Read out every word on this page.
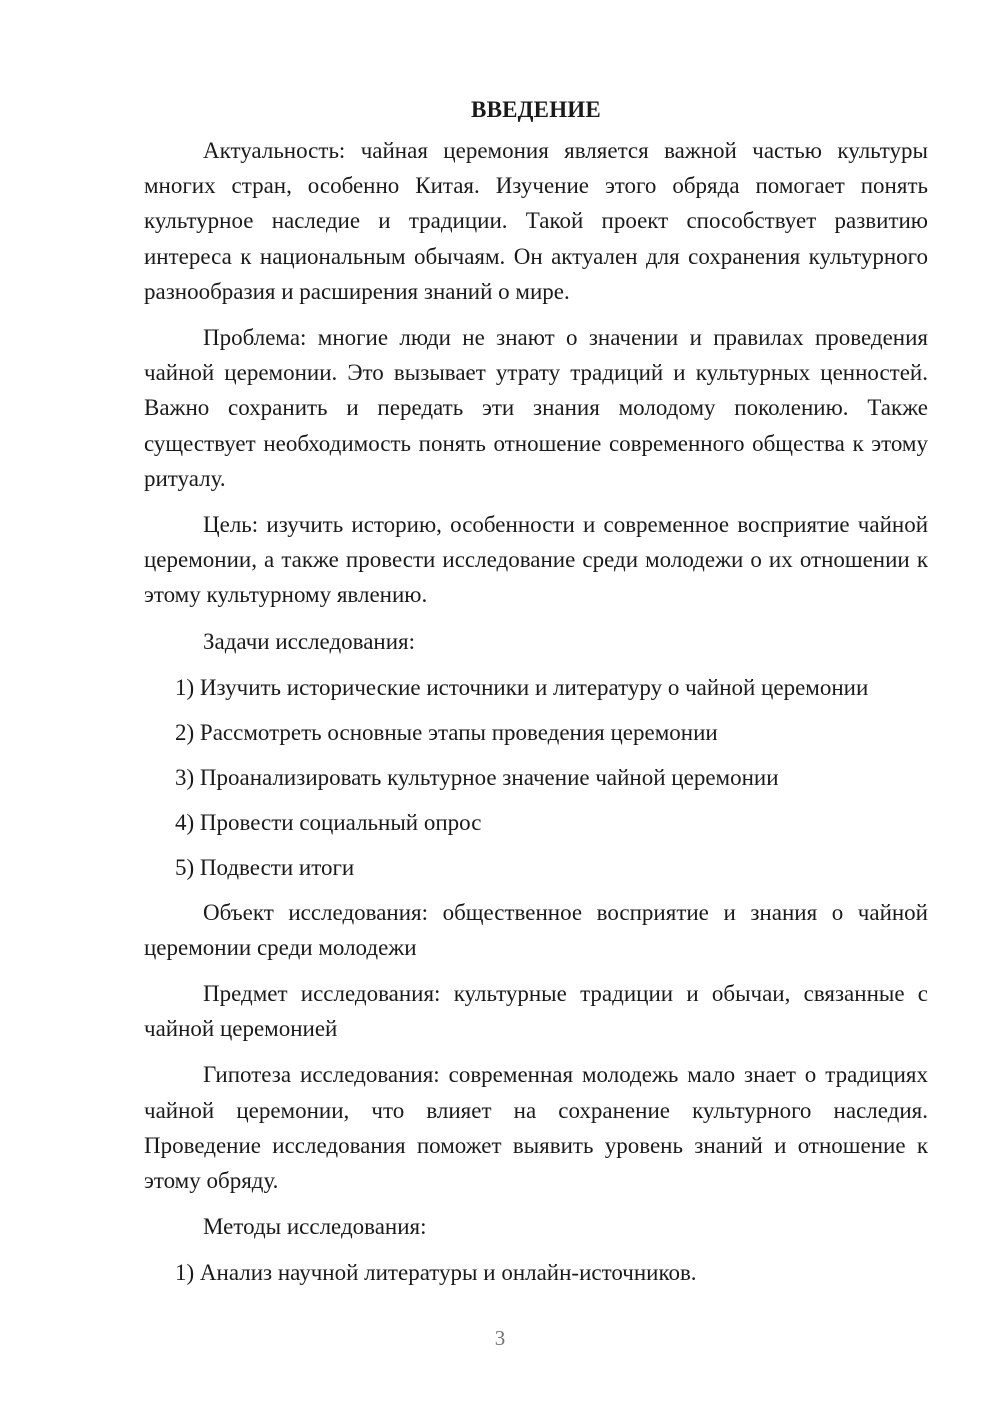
ВВЕДЕНИЕ

Актуальность: чайная церемония является важной частью культуры многих стран, особенно Китая. Изучение этого обряда помогает понять культурное наследие и традиции. Такой проект способствует развитию интереса к национальным обычаям. Он актуален для сохранения культурного разнообразия и расширения знаний о мире.

Проблема: многие люди не знают о значении и правилах проведения чайной церемонии. Это вызывает утрату традиций и культурных ценностей. Важно сохранить и передать эти знания молодому поколению. Также существует необходимость понять отношение современного общества к этому ритуалу.

Цель: изучить историю, особенности и современное восприятие чайной церемонии, а также провести исследование среди молодежи о их отношении к этому культурному явлению.

Задачи исследования:

1) Изучить исторические источники и литературу о чайной церемонии

2) Рассмотреть основные этапы проведения церемонии

3) Проанализировать культурное значение чайной церемонии

4) Провести социальный опрос

5) Подвести итоги

Объект исследования: общественное восприятие и знания о чайной церемонии среди молодежи

Предмет исследования: культурные традиции и обычаи, связанные с чайной церемонией

Гипотеза исследования: современная молодежь мало знает о традициях чайной церемонии, что влияет на сохранение культурного наследия. Проведение исследования поможет выявить уровень знаний и отношение к этому обряду.

Методы исследования:

1) Анализ научной литературы и онлайн-источников.

3
